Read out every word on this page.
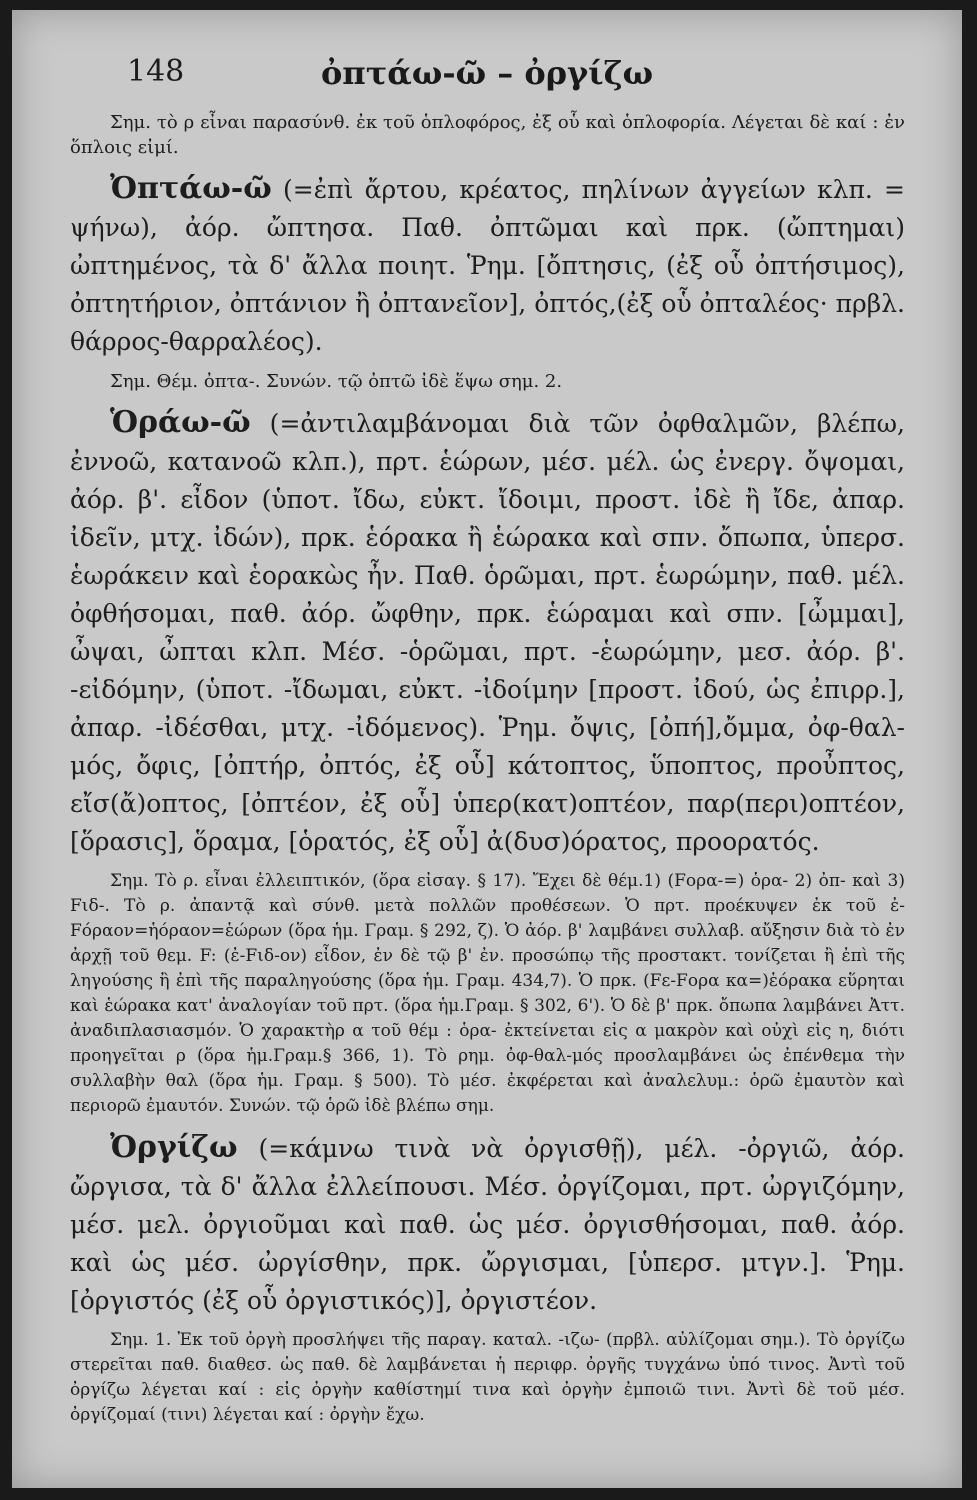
148	ὀπτάω-ῶ – ὀργίζω

Σημ. τὸ ρ εἶναι παρασύνθ. ἐκ τοῦ ὁπλοφόρος, ἐξ οὗ καὶ ὁπλοφορία. Λέγεται δὲ καί : ἐν ὅπλοις εἰμί.

Ὀπτάω-ῶ (=ἐπὶ ἄρτου, κρέατος, πηλίνων ἀγγείων κλπ. = ψήνω), ἀόρ. ὤπτησα. Παθ. ὀπτῶμαι καὶ πρκ. (ὤπτημαι) ὠπτημένος, τὰ δ' ἄλλα ποιητ. Ῥημ. [ὄπτησις, (ἐξ οὗ ὀπτήσιμος), ὀπτητήριον, ὀπτάνιον ἢ ὀπτανεῖον], ὀπτός,(ἐξ οὗ ὀπταλέος· πρβλ. θάρρος-θαρραλέος).

Σημ. Θέμ. ὀπτα-. Συνών. τῷ ὀπτῶ ἰδὲ ἕψω σημ. 2.

Ὁράω-ῶ (=ἀντιλαμβάνομαι διὰ τῶν ὀφθαλμῶν, βλέπω, ἐννοῶ, κατανοῶ κλπ.), πρτ. ἑώρων, μέσ. μέλ. ὡς ἐνεργ. ὄψομαι, ἀόρ. β'. εἶδον (ὑποτ. ἴδω, εὐκτ. ἴδοιμι, προστ. ἰδὲ ἢ ἴδε, ἀπαρ. ἰδεῖν, μτχ. ἰδών), πρκ. ἑόρακα ἢ ἑώρακα καὶ σπν. ὄπωπα, ὑπερσ. ἑωράκειν καὶ ἑορακὼς ἦν. Παθ. ὁρῶμαι, πρτ. ἑωρώμην, παθ. μέλ. ὀφθήσομαι, παθ. ἀόρ. ὤφθην, πρκ. ἑώραμαι καὶ σπν. [ὦμμαι], ὦψαι, ὦπται κλπ. Μέσ. -ὁρῶμαι, πρτ. -ἑωρώμην, μεσ. ἀόρ. β'. -εἰδόμην, (ὑποτ. -ἴδωμαι, εὐκτ. -ἰδοίμην [προστ. ἰδού, ὡς ἐπιρρ.], ἀπαρ. -ἰδέσθαι, μτχ. -ἰδόμενος). Ῥημ. ὄψις, [ὀπή],ὄμμα, ὀφ-θαλ-μός, ὄφις, [ὀπτήρ, ὀπτός, ἐξ οὗ] κάτοπτος, ὕποπτος, προὖπτος, εἴσ(ἄ)οπτος, [ὀπτέον, ἐξ οὗ] ὑπερ(κατ)οπτέον, παρ(περι)οπτέον, [ὅρασις], ὅραμα, [ὁρατός, ἐξ οὗ] ἀ(δυσ)όρατος, προορατός.

Σημ. Τὸ ρ. εἶναι ἐλλειπτικόν, (ὅρα εἰσαγ. § 17). Ἔχει δὲ θέμ.1) (Fορα-=) ὁρα- 2) ὀπ- καὶ 3) Fιδ-. Τὸ ρ. ἀπαντᾷ καὶ σύνθ. μετὰ πολλῶν προθέσεων. Ὁ πρτ. προέκυψεν ἐκ τοῦ ἐ-Fόραον=ἡόραον=ἑώρων (ὅρα ἡμ. Γραμ. § 292, ζ). Ὁ ἀόρ. β' λαμβάνει συλλαβ. αὔξησιν διὰ τὸ ἐν ἀρχῇ τοῦ θεμ. F: (ἐ-Fιδ-ον) εἶδον, ἐν δὲ τῷ β' ἐν. προσώπῳ τῆς προστακτ. τονίζεται ἢ ἐπὶ τῆς ληγούσης ἢ ἐπὶ τῆς παραληγούσης (ὅρα ἡμ. Γραμ. 434,7). Ὁ πρκ. (Fε-Fορα κα=)ἑόρακα εὕρηται καὶ ἑώρακα κατ' ἀναλογίαν τοῦ πρτ. (ὅρα ἡμ.Γραμ. § 302, 6'). Ὁ δὲ β' πρκ. ὄπωπα λαμβάνει Ἀττ. ἀναδιπλασιασμόν. Ὁ χαρακτὴρ α τοῦ θέμ : ὁρα- ἐκτείνεται εἰς α μακρὸν καὶ οὐχὶ εἰς η, διότι προηγεῖται ρ (ὅρα ἡμ.Γραμ.§ 366, 1). Τὸ ρημ. ὀφ-θαλ-μός προσλαμβάνει ὡς ἐπένθεμα τὴν συλλαβὴν θαλ (ὅρα ἡμ. Γραμ. § 500). Τὸ μέσ. ἐκφέρεται καὶ ἀναλελυμ.: ὁρῶ ἐμαυτὸν καὶ περιορῶ ἐμαυτόν. Συνών. τῷ ὁρῶ ἰδὲ βλέπω σημ.

Ὀργίζω (=κάμνω τινὰ νὰ ὀργισθῇ), μέλ. -ὀργιῶ, ἀόρ. ὤργισα, τὰ δ' ἄλλα ἐλλείπουσι. Μέσ. ὀργίζομαι, πρτ. ὠργιζόμην, μέσ. μελ. ὀργιοῦμαι καὶ παθ. ὡς μέσ. ὀργισθήσομαι, παθ. ἀόρ. καὶ ὡς μέσ. ὠργίσθην, πρκ. ὤργισμαι, [ὑπερσ. μτγν.]. Ῥημ. [ὀργιστός (ἐξ οὗ ὀργιστικός)], ὀργιστέον.

Σημ. 1. Ἐκ τοῦ ὀργὴ προσλήψει τῆς παραγ. καταλ. -ιζω- (πρβλ. αὐλίζομαι σημ.). Τὸ ὀργίζω στερεῖται παθ. διαθεσ. ὡς παθ. δὲ λαμβάνεται ἡ περιφρ. ὀργῆς τυγχάνω ὑπό τινος. Ἀντὶ τοῦ ὀργίζω λέγεται καί : εἰς ὀργὴν καθίστημί τινα καὶ ὀργὴν ἐμποιῶ τινι. Ἀντὶ δὲ τοῦ μέσ. ὀργίζομαί (τινι) λέγεται καί : ὀργὴν ἔχω.
